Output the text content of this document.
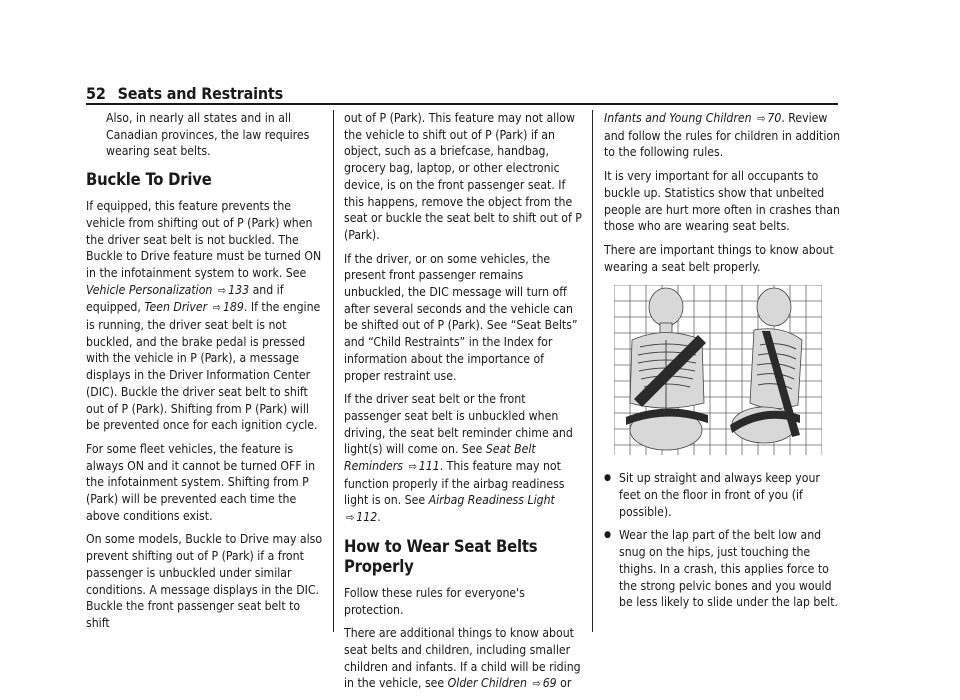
52 Seats and Restraints

Also, in nearly all states and in all Canadian provinces, the law requires wearing seat belts.

Buckle To Drive

If equipped, this feature prevents the vehicle from shifting out of P (Park) when the driver seat belt is not buckled. The Buckle to Drive feature must be turned ON in the infotainment system to work. See Vehicle Personalization ⇨ 133 and if equipped, Teen Driver ⇨ 189. If the engine is running, the driver seat belt is not buckled, and the brake pedal is pressed with the vehicle in P (Park), a message displays in the Driver Information Center (DIC). Buckle the driver seat belt to shift out of P (Park). Shifting from P (Park) will be prevented once for each ignition cycle.

For some fleet vehicles, the feature is always ON and it cannot be turned OFF in the infotainment system. Shifting from P (Park) will be prevented each time the above conditions exist.

On some models, Buckle to Drive may also prevent shifting out of P (Park) if a front passenger is unbuckled under similar conditions. A message displays in the DIC. Buckle the front passenger seat belt to shift

out of P (Park). This feature may not allow the vehicle to shift out of P (Park) if an object, such as a briefcase, handbag, grocery bag, laptop, or other electronic device, is on the front passenger seat. If this happens, remove the object from the seat or buckle the seat belt to shift out of P (Park).

If the driver, or on some vehicles, the present front passenger remains unbuckled, the DIC message will turn off after several seconds and the vehicle can be shifted out of P (Park). See “Seat Belts” and “Child Restraints” in the Index for information about the importance of proper restraint use.

If the driver seat belt or the front passenger seat belt is unbuckled when driving, the seat belt reminder chime and light(s) will come on. See Seat Belt Reminders ⇨ 111. This feature may not function properly if the airbag readiness light is on. See Airbag Readiness Light ⇨ 112.

How to Wear Seat Belts Properly

Follow these rules for everyone's protection.

There are additional things to know about seat belts and children, including smaller children and infants. If a child will be riding in the vehicle, see Older Children ⇨ 69 or

Infants and Young Children ⇨ 70. Review and follow the rules for children in addition to the following rules.

It is very important for all occupants to buckle up. Statistics show that unbelted people are hurt more often in crashes than those who are wearing seat belts.

There are important things to know about wearing a seat belt properly.

● Sit up straight and always keep your feet on the floor in front of you (if possible).
● Wear the lap part of the belt low and snug on the hips, just touching the thighs. In a crash, this applies force to the strong pelvic bones and you would be less likely to slide under the lap belt.
